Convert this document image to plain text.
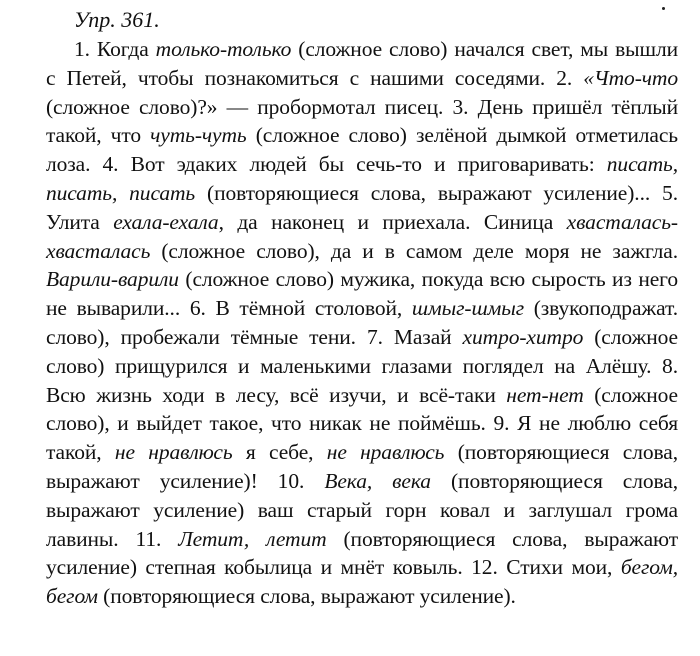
Упр. 361.

1. Когда только-только (сложное слово) начался свет, мы вышли с Петей, чтобы познакомиться с нашими соседями. 2. «Что-что (сложное слово)?» — пробормотал писец. 3. День пришёл тёплый такой, что чуть-чуть (сложное слово) зелёной дымкой отметилась лоза. 4. Вот эдаких людей бы сечь-то и приговаривать: писать, писать, писать (повторяющиеся слова, выражают усиление)... 5. Улита ехала-ехала, да наконец и приехала. Синица хвасталась-хвасталась (сложное слово), да и в самом деле моря не зажгла. Варили-варили (сложное слово) мужика, покуда всю сырость из него не выварили... 6. В тёмной столовой, шмыг-шмыг (звукоподражат. слово), пробежали тёмные тени. 7. Мазай хитро-хитро (сложное слово) прищурился и маленькими глазами поглядел на Алёшу. 8. Всю жизнь ходи в лесу, всё изучи, и всё-таки нет-нет (сложное слово), и выйдет такое, что никак не поймёшь. 9. Я не люблю себя такой, не нравлюсь я себе, не нравлюсь (повторяющиеся слова, выражают усиление)! 10. Века, века (повторяющиеся слова, выражают усиление) ваш старый горн ковал и заглушал грома лавины. 11. Летит, летит (повторяющиеся слова, выражают усиление) степная кобылица и мнёт ковыль. 12. Стихи мои, бегом, бегом (повторяющиеся слова, выражают усиление).
